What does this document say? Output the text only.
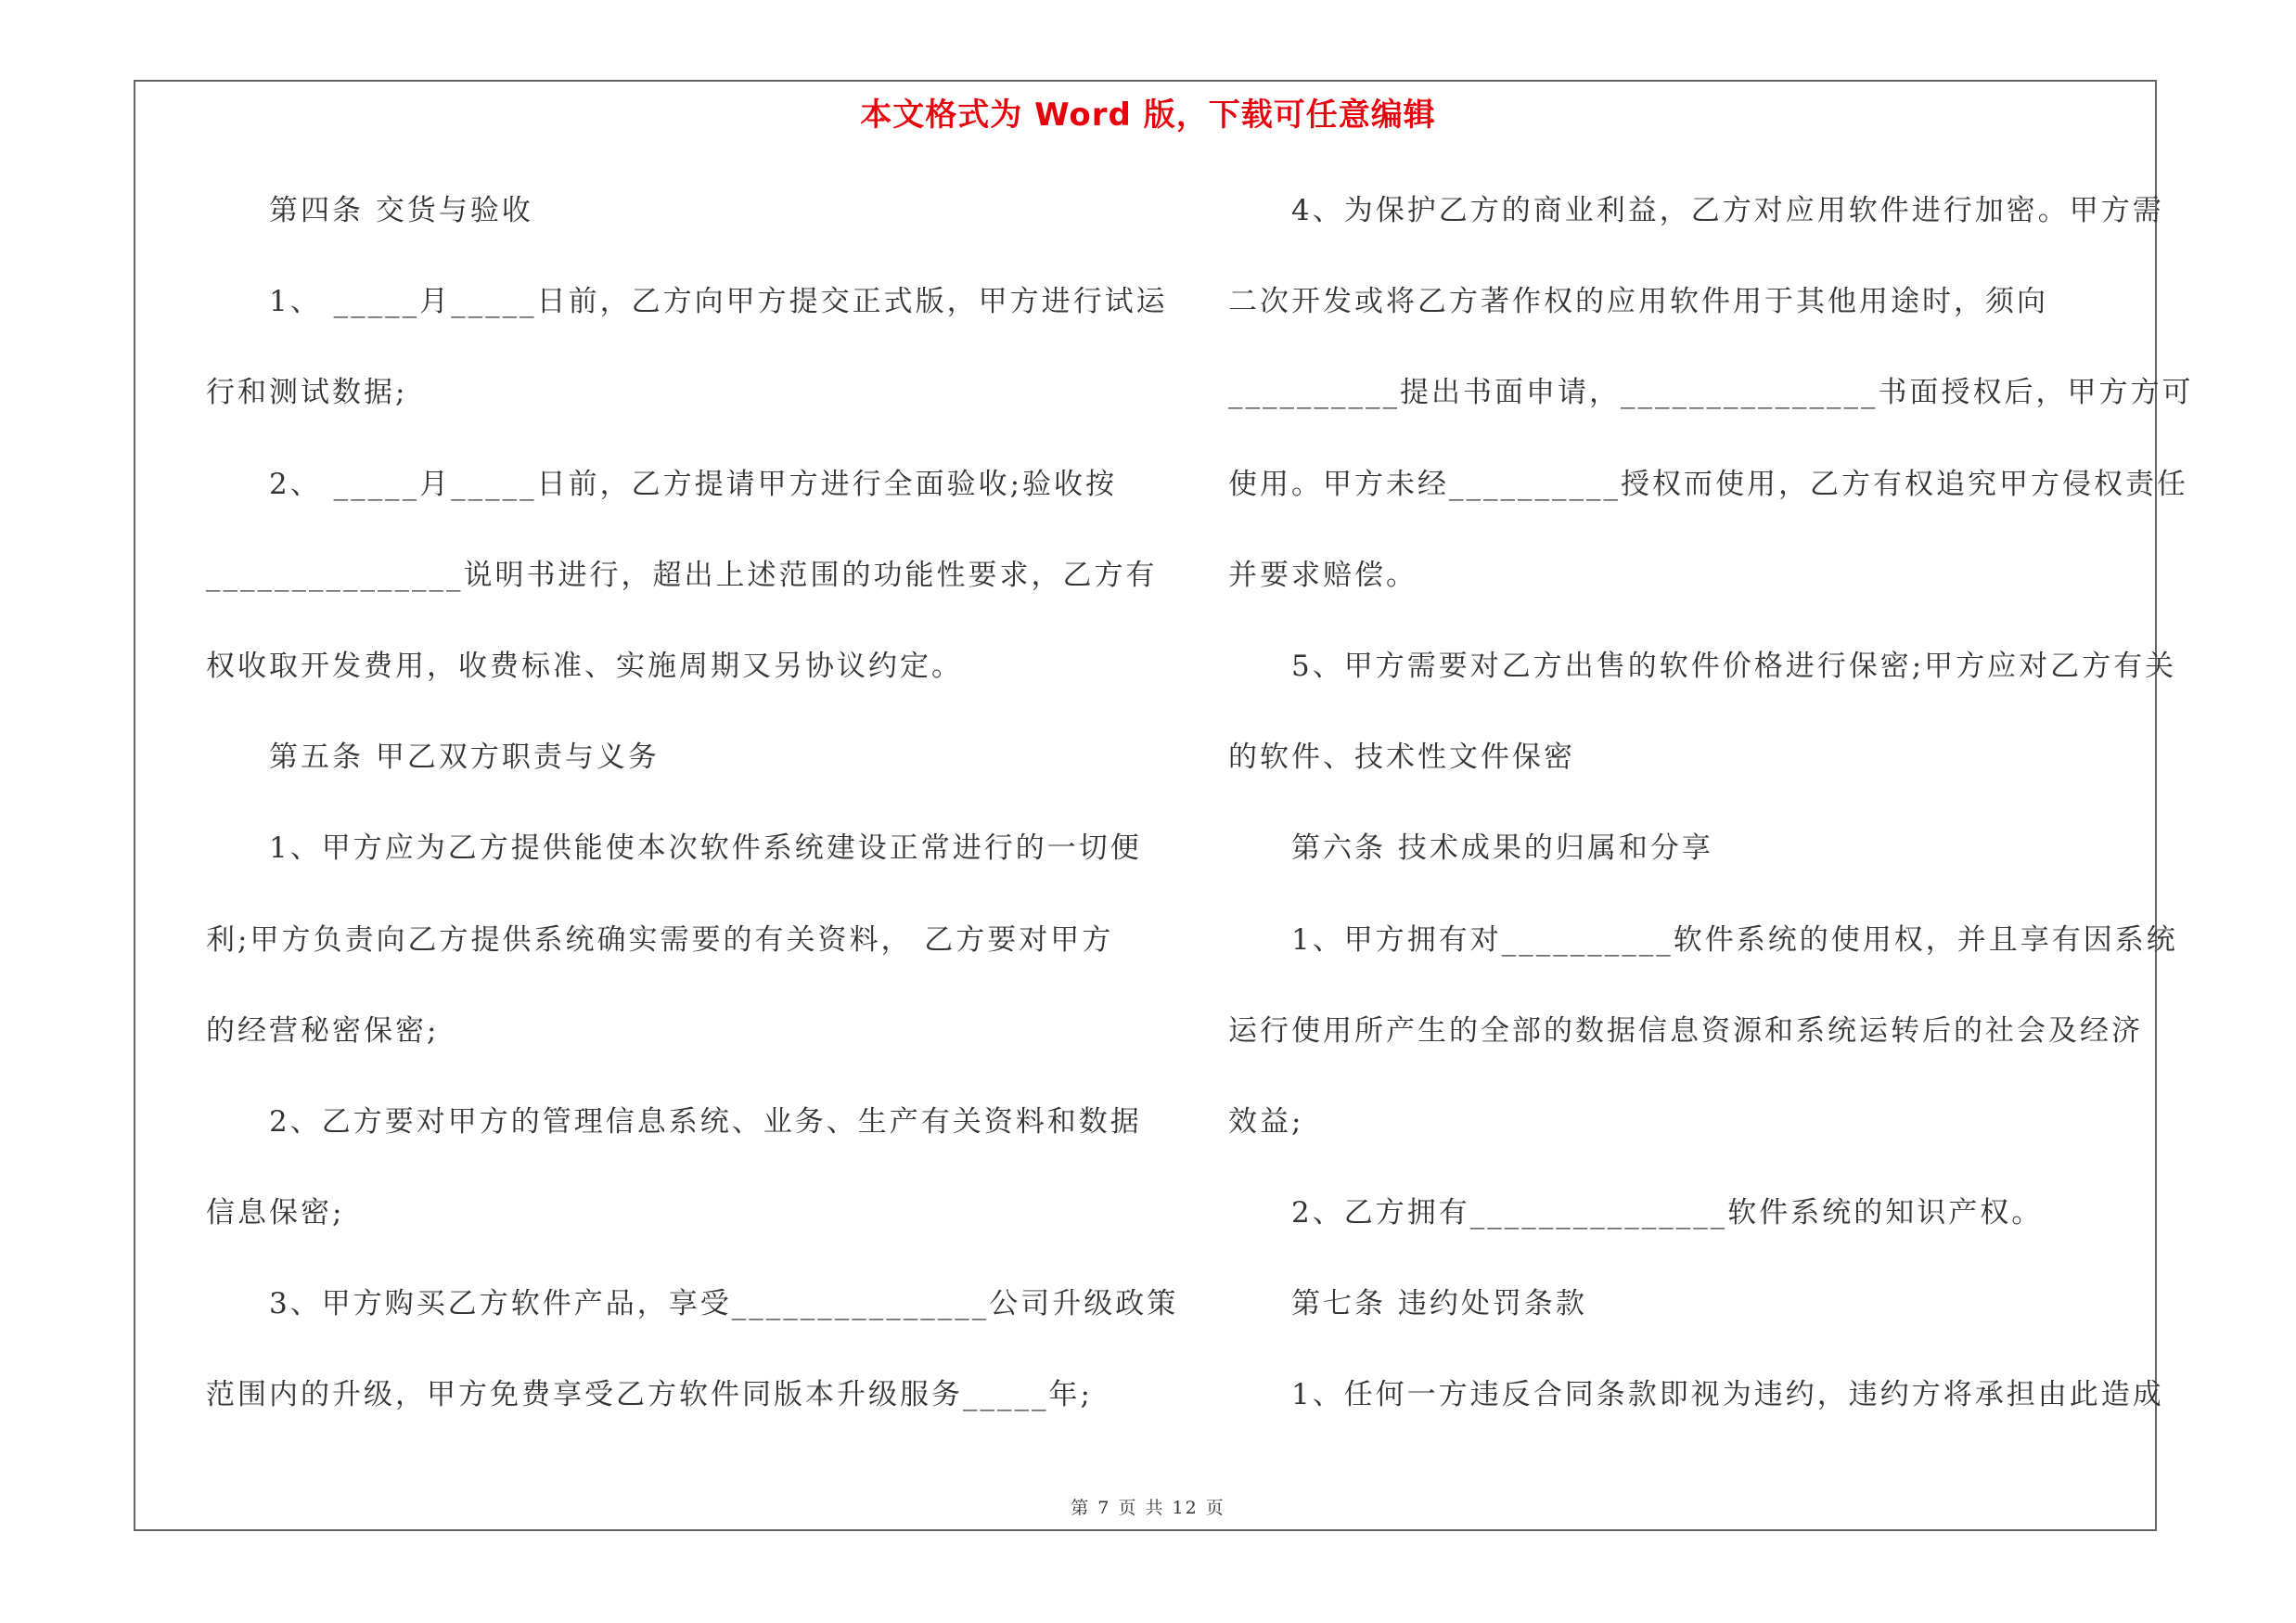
本文格式为 Word 版，下载可任意编辑
第四条 交货与验收
1、 _____月_____日前，乙方向甲方提交正式版，甲方进行试运
行和测试数据;
2、 _____月_____日前，乙方提请甲方进行全面验收;验收按
_______________说明书进行，超出上述范围的功能性要求，乙方有
权收取开发费用，收费标准、实施周期又另协议约定。
第五条 甲乙双方职责与义务
1、甲方应为乙方提供能使本次软件系统建设正常进行的一切便
利;甲方负责向乙方提供系统确实需要的有关资料， 乙方要对甲方
的经营秘密保密;
2、乙方要对甲方的管理信息系统、业务、生产有关资料和数据
信息保密;
3、甲方购买乙方软件产品，享受_______________公司升级政策
范围内的升级，甲方免费享受乙方软件同版本升级服务_____年;
4、为保护乙方的商业利益，乙方对应用软件进行加密。甲方需
二次开发或将乙方著作权的应用软件用于其他用途时，须向
__________提出书面申请，_______________书面授权后，甲方方可
使用。甲方未经__________授权而使用，乙方有权追究甲方侵权责任
并要求赔偿。
5、甲方需要对乙方出售的软件价格进行保密;甲方应对乙方有关
的软件、技术性文件保密
第六条 技术成果的归属和分享
1、甲方拥有对__________软件系统的使用权，并且享有因系统
运行使用所产生的全部的数据信息资源和系统运转后的社会及经济
效益;
2、乙方拥有_______________软件系统的知识产权。
第七条 违约处罚条款
1、任何一方违反合同条款即视为违约，违约方将承担由此造成
第 7 页 共 12 页
